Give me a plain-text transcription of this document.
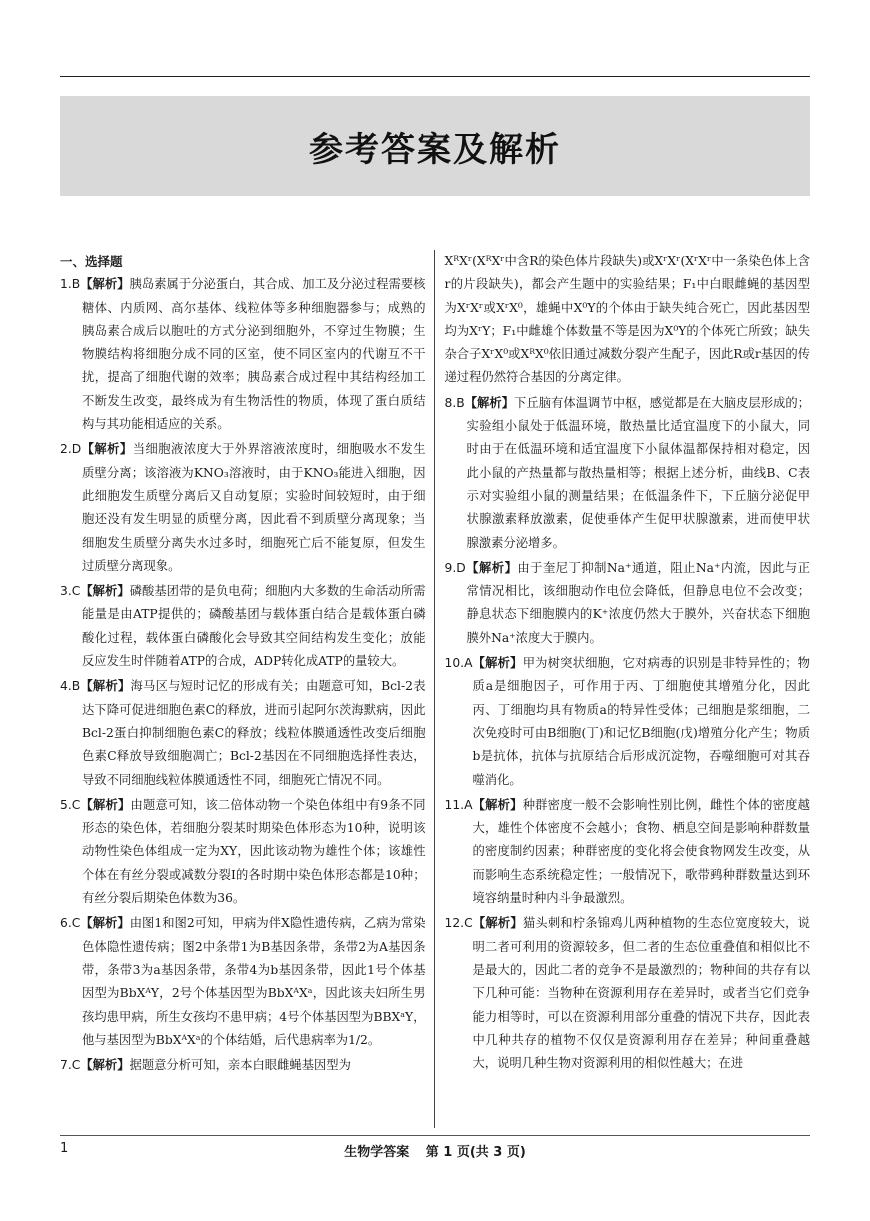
参考答案及解析
一、选择题
1.B【解析】胰岛素属于分泌蛋白，其合成、加工及分泌过程需要核糖体、内质网、高尔基体、线粒体等多种细胞器参与；成熟的胰岛素合成后以胞吐的方式分泌到细胞外，不穿过生物膜；生物膜结构将细胞分成不同的区室，使不同区室内的代谢互不干扰，提高了细胞代谢的效率；胰岛素合成过程中其结构经加工不断发生改变，最终成为有生物活性的物质，体现了蛋白质结构与其功能相适应的关系。
2.D【解析】当细胞液浓度大于外界溶液浓度时，细胞吸水不发生质壁分离；该溶液为KNO₃溶液时，由于KNO₃能进入细胞，因此细胞发生质壁分离后又自动复原；实验时间较短时，由于细胞还没有发生明显的质壁分离，因此看不到质壁分离现象；当细胞发生质壁分离失水过多时，细胞死亡后不能复原，但发生过质壁分离现象。
3.C【解析】磷酸基团带的是负电荷；细胞内大多数的生命活动所需能量是由ATP提供的；磷酸基团与载体蛋白结合是载体蛋白磷酸化过程，载体蛋白磷酸化会导致其空间结构发生变化；放能反应发生时伴随着ATP的合成，ADP转化成ATP的量较大。
4.B【解析】海马区与短时记忆的形成有关；由题意可知，Bcl-2表达下降可促进细胞色素C的释放，进而引起阿尔茨海默病，因此Bcl-2蛋白抑制细胞色素C的释放；线粒体膜通透性改变后细胞色素C释放导致细胞凋亡；Bcl-2基因在不同细胞选择性表达，导致不同细胞线粒体膜通透性不同，细胞死亡情况不同。
5.C【解析】由题意可知，该二倍体动物一个染色体组中有9条不同形态的染色体，若细胞分裂某时期染色体形态为10种，说明该动物性染色体组成一定为XY，因此该动物为雄性个体；该雄性个体在有丝分裂或减数分裂Ⅰ的各时期中染色体形态都是10种；有丝分裂后期染色体数为36。
6.C【解析】由图1和图2可知，甲病为伴X隐性遗传病，乙病为常染色体隐性遗传病；图2中条带1为B基因条带，条带2为A基因条带，条带3为a基因条带，条带4为b基因条带，因此1号个体基因型为BbXᴬY，2号个体基因型为BbXᴬXᵃ，因此该夫妇所生男孩均患甲病，所生女孩均不患甲病；4号个体基因型为BBXᵃY，他与基因型为BbXᴬXᵃ的个体结婚，后代患病率为1/2。
7.C【解析】据题意分析可知，亲本白眼雌蝇基因型为
XᴿXʳ(XᴿXʳ中含R的染色体片段缺失)或XʳXʳ(XʳXʳ中一条染色体上含r的片段缺失)，都会产生题中的实验结果；F₁中白眼雌蝇的基因型为XʳXʳ或XʳX⁰，雄蝇中X⁰Y的个体由于缺失纯合死亡，因此基因型均为XʳY；F₁中雌雄个体数量不等是因为X⁰Y的个体死亡所致；缺失杂合子XʳX⁰或XᴿX⁰依旧通过减数分裂产生配子，因此R或r基因的传递过程仍然符合基因的分离定律。
8.B【解析】下丘脑有体温调节中枢，感觉都是在大脑皮层形成的；实验组小鼠处于低温环境，散热量比适宜温度下的小鼠大，同时由于在低温环境和适宜温度下小鼠体温都保持相对稳定，因此小鼠的产热量都与散热量相等；根据上述分析，曲线B、C表示对实验组小鼠的测量结果；在低温条件下，下丘脑分泌促甲状腺激素释放激素，促使垂体产生促甲状腺激素，进而使甲状腺激素分泌增多。
9.D【解析】由于奎尼丁抑制Na⁺通道，阻止Na⁺内流，因此与正常情况相比，该细胞动作电位会降低，但静息电位不会改变；静息状态下细胞膜内的K⁺浓度仍然大于膜外，兴奋状态下细胞膜外Na⁺浓度大于膜内。
10.A【解析】甲为树突状细胞，它对病毒的识别是非特异性的；物质a是细胞因子，可作用于丙、丁细胞使其增殖分化，因此丙、丁细胞均具有物质a的特异性受体；己细胞是浆细胞，二次免疫时可由B细胞(丁)和记忆B细胞(戊)增殖分化产生；物质b是抗体，抗体与抗原结合后形成沉淀物，吞噬细胞可对其吞噬消化。
11.A【解析】种群密度一般不会影响性别比例，雌性个体的密度越大，雄性个体密度不会越小；食物、栖息空间是影响种群数量的密度制约因素；种群密度的变化将会使食物网发生改变，从而影响生态系统稳定性；一般情况下，歌带鹀种群数量达到环境容纳量时种内斗争最激烈。
12.C【解析】猫头刺和柠条锦鸡儿两种植物的生态位宽度较大，说明二者可利用的资源较多，但二者的生态位重叠值和相似比不是最大的，因此二者的竞争不是最激烈的；物种间的共存有以下几种可能：当物种在资源利用存在差异时，或者当它们竞争能力相等时，可以在资源利用部分重叠的情况下共存，因此表中几种共存的植物不仅仅是资源利用存在差异；种间重叠越大，说明几种生物对资源利用的相似性越大；在进
1	生物学答案 第 1 页(共 3 页)
